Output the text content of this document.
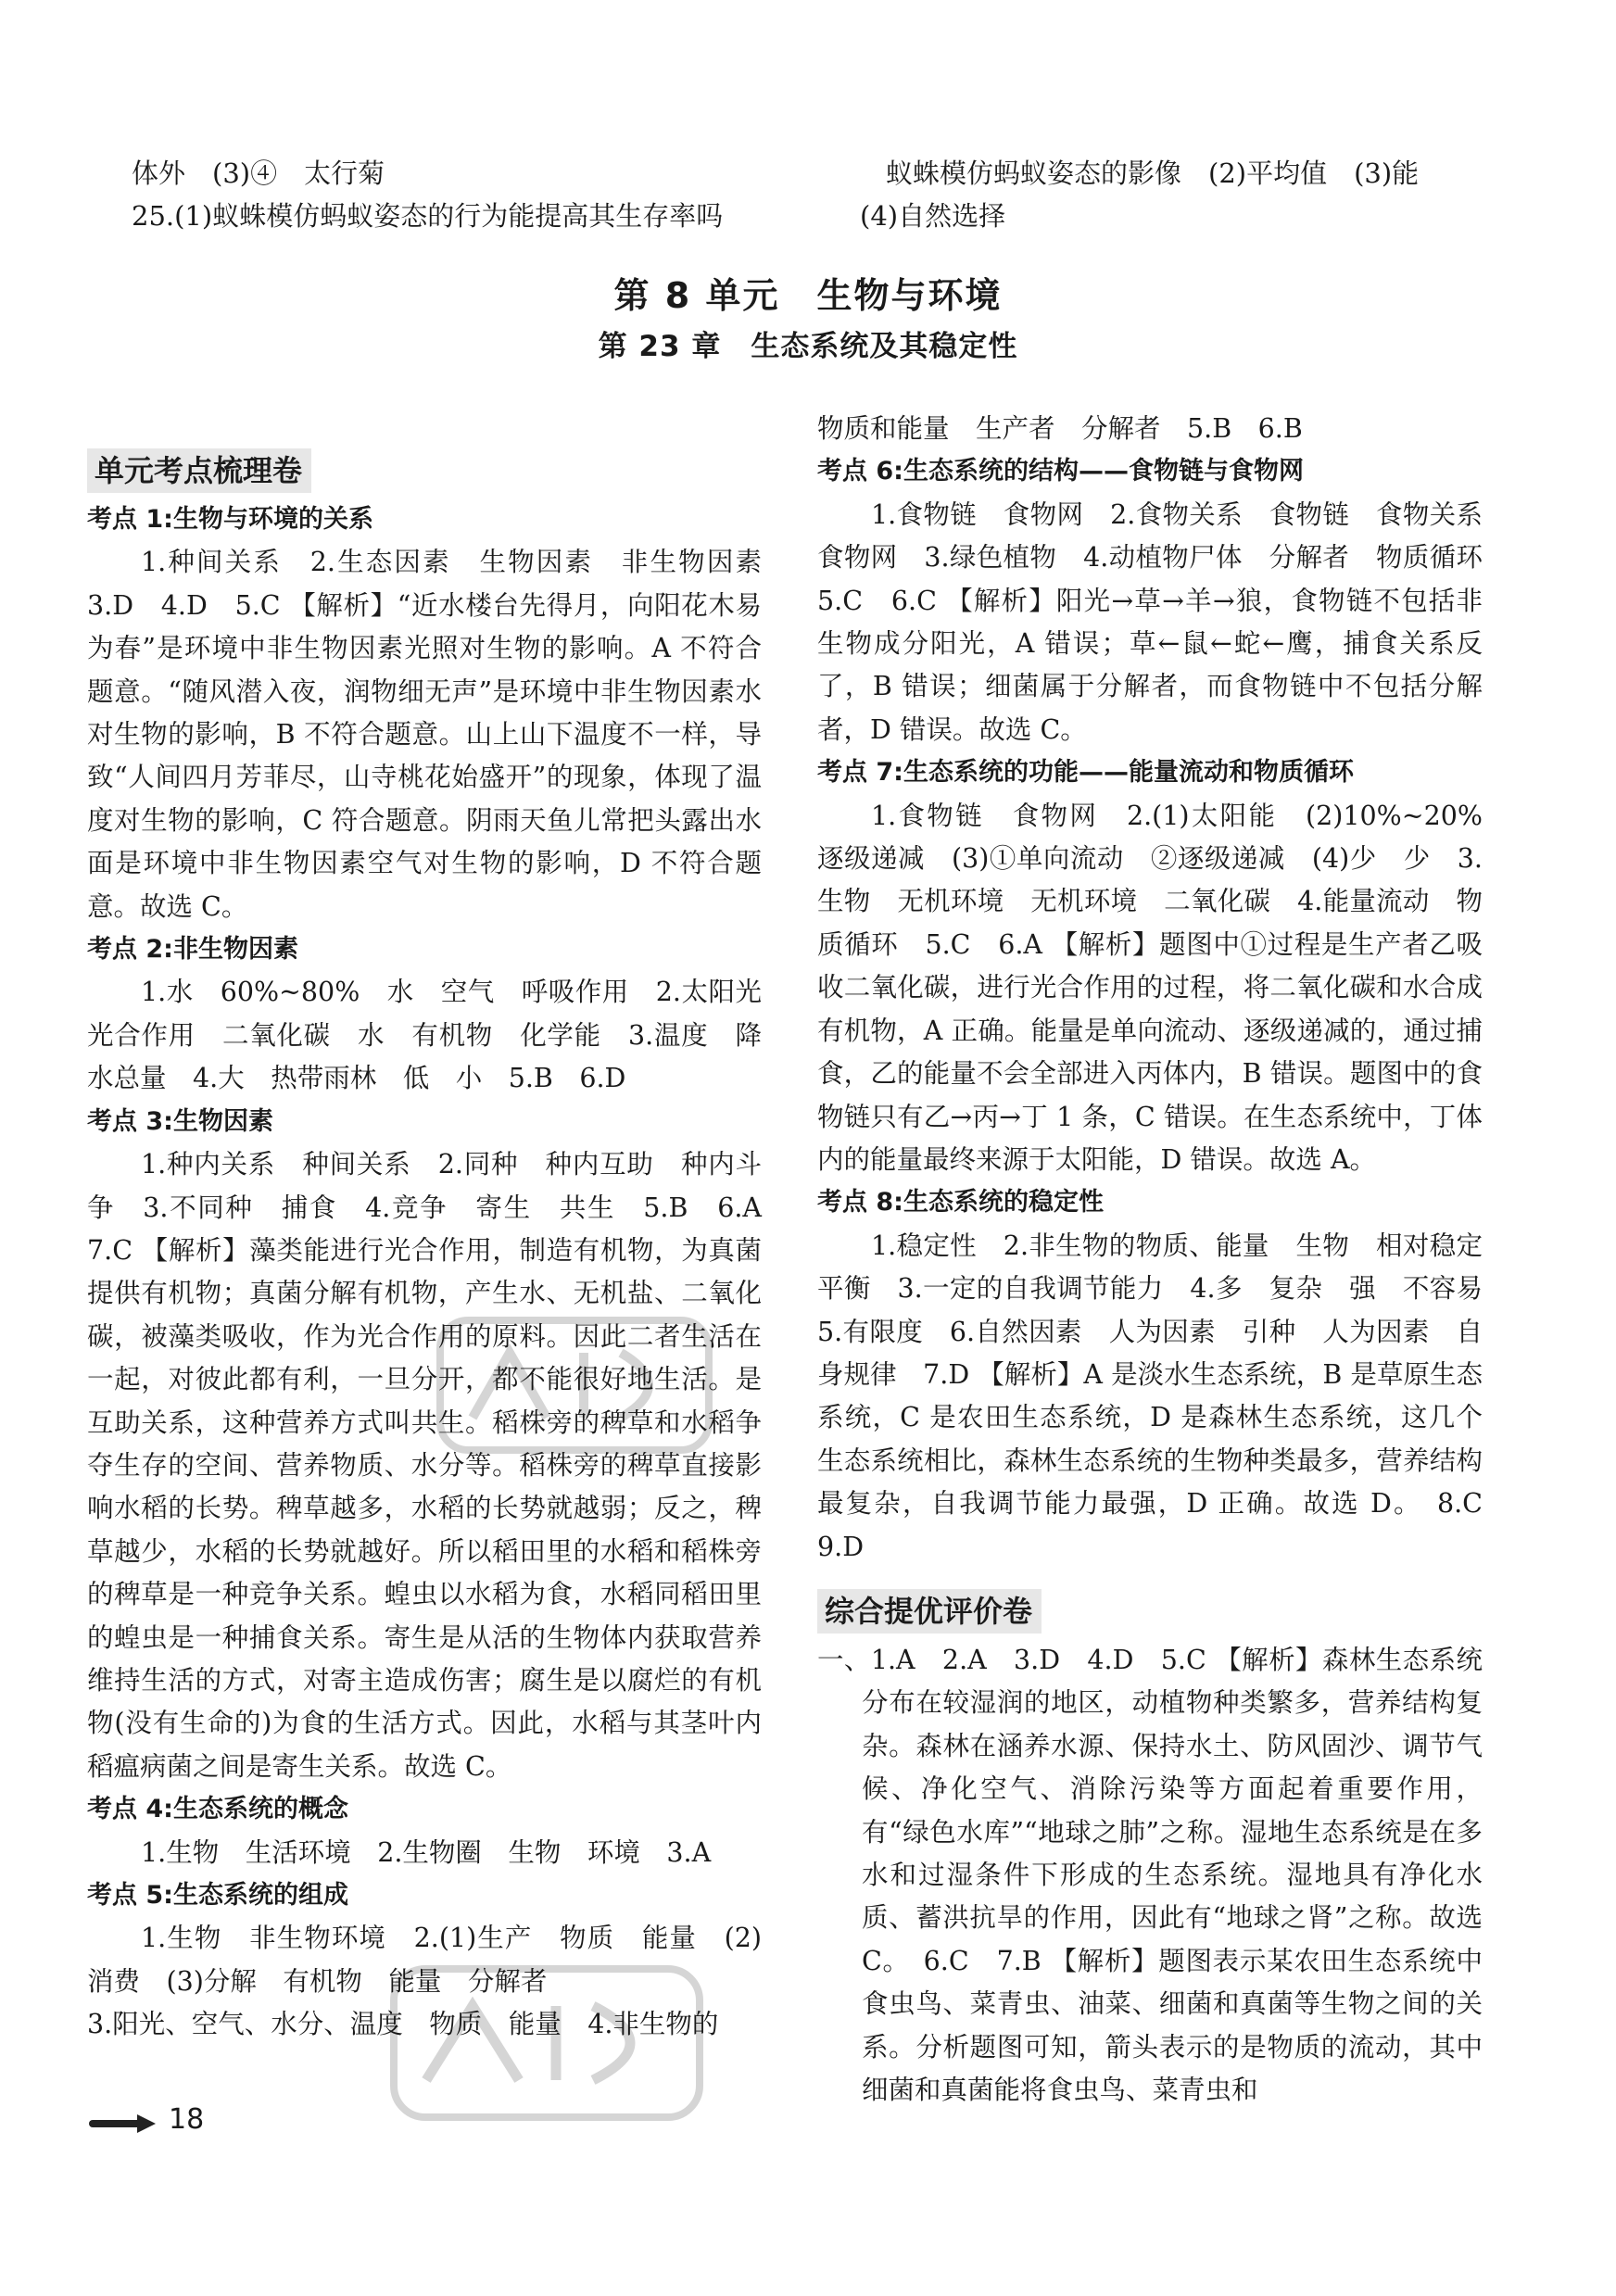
体外　(3)④　太行菊
25.(1)蚁蛛模仿蚂蚁姿态的行为能提高其生存率吗
蚁蛛模仿蚂蚁姿态的影像　(2)平均值　(3)能
(4)自然选择
第 8 单元　生物与环境
第 23 章　生态系统及其稳定性
单元考点梳理卷

考点 1:生物与环境的关系

1.种间关系　2.生态因素　生物因素　非生物因素　3.D　4.D　5.C 【解析】“近水楼台先得月，向阳花木易为春”是环境中非生物因素光照对生物的影响。A 不符合题意。“随风潜入夜，润物细无声”是环境中非生物因素水对生物的影响，B 不符合题意。山上山下温度不一样，导致“人间四月芳菲尽，山寺桃花始盛开”的现象，体现了温度对生物的影响，C 符合题意。阴雨天鱼儿常把头露出水面是环境中非生物因素空气对生物的影响，D 不符合题意。故选 C。

考点 2:非生物因素

1.水　60%~80%　水　空气　呼吸作用　2.太阳光　光合作用　二氧化碳　水　有机物　化学能　3.温度　降水总量　4.大　热带雨林　低　小　5.B　6.D

考点 3:生物因素

1.种内关系　种间关系　2.同种　种内互助　种内斗争　3.不同种　捕食　4.竞争　寄生　共生　5.B　6.A　7.C 【解析】藻类能进行光合作用，制造有机物，为真菌提供有机物；真菌分解有机物，产生水、无机盐、二氧化碳，被藻类吸收，作为光合作用的原料。因此二者生活在一起，对彼此都有利，一旦分开，都不能很好地生活。是互助关系，这种营养方式叫共生。稻株旁的稗草和水稻争夺生存的空间、营养物质、水分等。稻株旁的稗草直接影响水稻的长势。稗草越多，水稻的长势就越弱；反之，稗草越少，水稻的长势就越好。所以稻田里的水稻和稻株旁的稗草是一种竞争关系。蝗虫以水稻为食，水稻同稻田里的蝗虫是一种捕食关系。寄生是从活的生物体内获取营养维持生活的方式，对寄主造成伤害；腐生是以腐烂的有机物(没有生命的)为食的生活方式。因此，水稻与其茎叶内稻瘟病菌之间是寄生关系。故选 C。

考点 4:生态系统的概念

1.生物　生活环境　2.生物圈　生物　环境　3.A

考点 5:生态系统的组成

1.生物　非生物环境　2.(1)生产　物质　能量　(2)消费　(3)分解　有机物　能量　分解者

3.阳光、空气、水分、温度　物质　能量　4.非生物的

物质和能量　生产者　分解者　5.B　6.B

考点 6:生态系统的结构——食物链与食物网

1.食物链　食物网　2.食物关系　食物链　食物关系　食物网　3.绿色植物　4.动植物尸体　分解者　物质循环　5.C　6.C 【解析】阳光→草→羊→狼，食物链不包括非生物成分阳光，A 错误；草←鼠←蛇←鹰，捕食关系反了，B 错误；细菌属于分解者，而食物链中不包括分解者，D 错误。故选 C。

考点 7:生态系统的功能——能量流动和物质循环

1.食物链　食物网　2.(1)太阳能　(2)10%~20%　逐级递减　(3)①单向流动　②逐级递减　(4)少　少　3.生物　无机环境　无机环境　二氧化碳　4.能量流动　物质循环　5.C　6.A 【解析】题图中①过程是生产者乙吸收二氧化碳，进行光合作用的过程，将二氧化碳和水合成有机物，A 正确。能量是单向流动、逐级递减的，通过捕食，乙的能量不会全部进入丙体内，B 错误。题图中的食物链只有乙→丙→丁 1 条，C 错误。在生态系统中，丁体内的能量最终来源于太阳能，D 错误。故选 A。

考点 8:生态系统的稳定性

1.稳定性　2.非生物的物质、能量　生物　相对稳定平衡　3.一定的自我调节能力　4.多　复杂　强　不容易　5.有限度　6.自然因素　人为因素　引种　人为因素　自身规律　7.D 【解析】A 是淡水生态系统，B 是草原生态系统，C 是农田生态系统，D 是森林生态系统，这几个生态系统相比，森林生态系统的生物种类最多，营养结构最复杂，自我调节能力最强，D 正确。故选 D。　8.C　9.D

综合提优评价卷

一、1.A　2.A　3.D　4.D　5.C 【解析】森林生态系统分布在较湿润的地区，动植物种类繁多，营养结构复杂。森林在涵养水源、保持水土、防风固沙、调节气候、净化空气、消除污染等方面起着重要作用，有“绿色水库”“地球之肺”之称。湿地生态系统是在多水和过湿条件下形成的生态系统。湿地具有净化水质、蓄洪抗旱的作用，因此有“地球之肾”之称。故选 C。　6.C　7.B 【解析】题图表示某农田生态系统中食虫鸟、菜青虫、油菜、细菌和真菌等生物之间的关系。分析题图可知，箭头表示的是物质的流动，其中细菌和真菌能将食虫鸟、菜青虫和

18
